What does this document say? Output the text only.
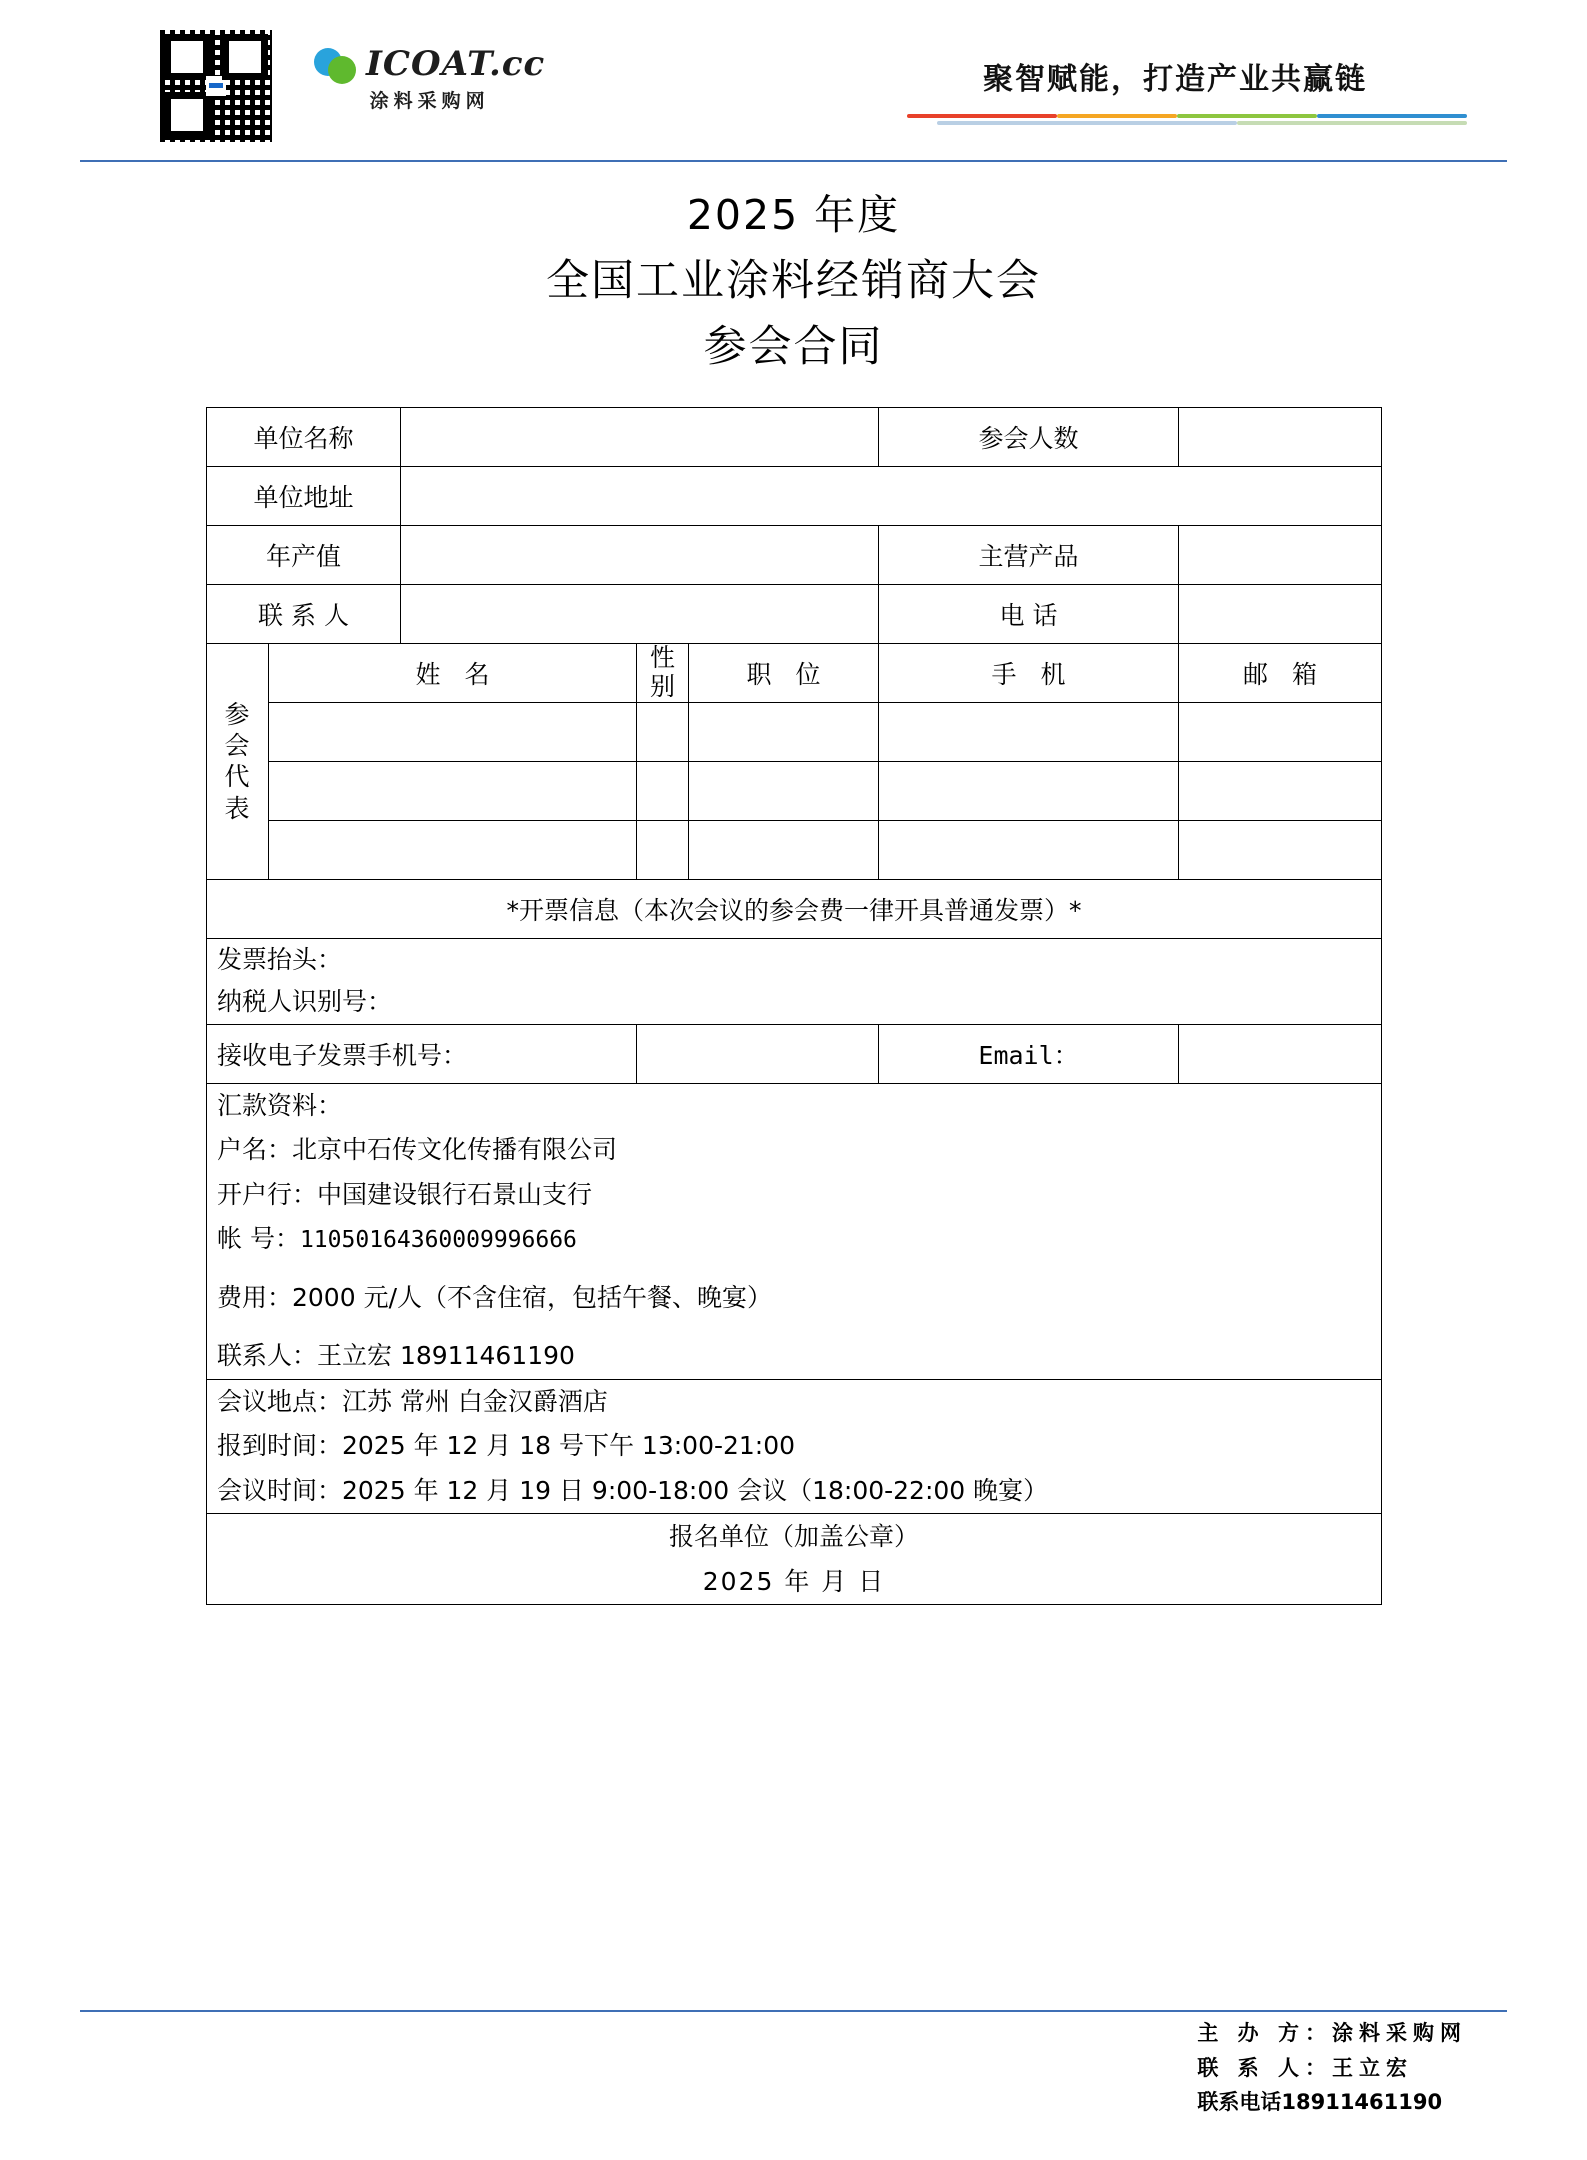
ICOAT.cc
涂料采购网
聚智赋能，打造产业共赢链
2025 年度
全国工业涂料经销商大会
参会合同
单位名称					参会人数	
单位地址						
年产值					主营产品	
联 系 人					电 话	

参
会
代
表	姓 名		性别	职 位	手 机	邮 箱

*开票信息（本次会议的参会费一律开具普通发票）*						

发票抬头：
纳税人识别号：						

接收电子发票手机号：					Email：	

汇款资料：
户名：北京中石传文化传播有限公司
开户行：中国建设银行石景山支行
帐 号：11050164360009996666
费用：2000 元/人（不含住宿，包括午餐、晚宴）
联系人：王立宏 18911461190

会议地点：江苏 常州 白金汉爵酒店
报到时间：2025 年 12 月 18 号下午 13:00-21:00
会议时间：2025 年 12 月 19 日 9:00-18:00 会议（18:00-22:00 晚宴）						

报名单位（加盖公章）
2025 年 月 日						
主 办 方：涂料采购网
联 系 人：王立宏
联系电话18911461190
